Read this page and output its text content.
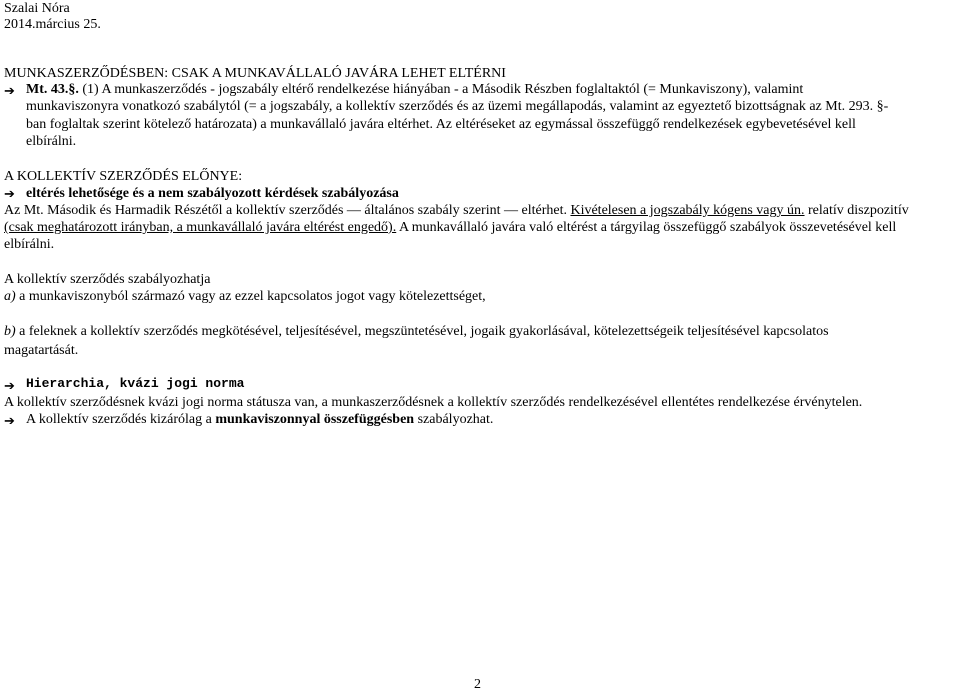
Szalai Nóra
2014.március 25.
MUNKASZERZŐDÉSBEN: CSAK A MUNKAVÁLLALÓ JAVÁRA LEHET ELTÉRNI
➔ Mt. 43.§. (1) A munkaszerződés - jogszabály eltérő rendelkezése hiányában - a Második Részben foglaltaktól (= Munkaviszony), valamint
munkaviszonyra vonatkozó szabálytól (= a jogszabály, a kollektív szerződés és az üzemi megállapodás, valamint az egyeztető bizottságnak az Mt. 293. §-
ban foglaltak szerint kötelező határozata) a munkavállaló javára eltérhet. Az eltéréseket az egymással összefüggő rendelkezések egybevetésével kell
elbírálni.
A KOLLEKTÍV SZERZŐDÉS ELŐNYE:
➔ eltérés lehetősége és a nem szabályozott kérdések szabályozása
Az Mt. Második és Harmadik Részétől a kollektív szerződés — általános szabály szerint — eltérhet. Kivételesen a jogszabály kógens vagy ún. relatív diszpozitív
(csak meghatározott irányban, a munkavállaló javára eltérést engedő). A munkavállaló javára való eltérést a tárgyilag összefüggő szabályok összevetésével kell
elbírálni.
A kollektív szerződés szabályozhatja
a) a munkaviszonyból származó vagy az ezzel kapcsolatos jogot vagy kötelezettséget,
b) a feleknek a kollektív szerződés megkötésével, teljesítésével, megszüntetésével, jogaik gyakorlásával, kötelezettségeik teljesítésével kapcsolatos
magatartását.
➔ Hierarchia, kvázi jogi norma
A kollektív szerződésnek kvázi jogi norma státusza van, a munkaszerződésnek a kollektív szerződés rendelkezésével ellentétes rendelkezése érvénytelen.
➔ A kollektív szerződés kizárólag a munkaviszonnyal összefüggésben szabályozhat.
2
